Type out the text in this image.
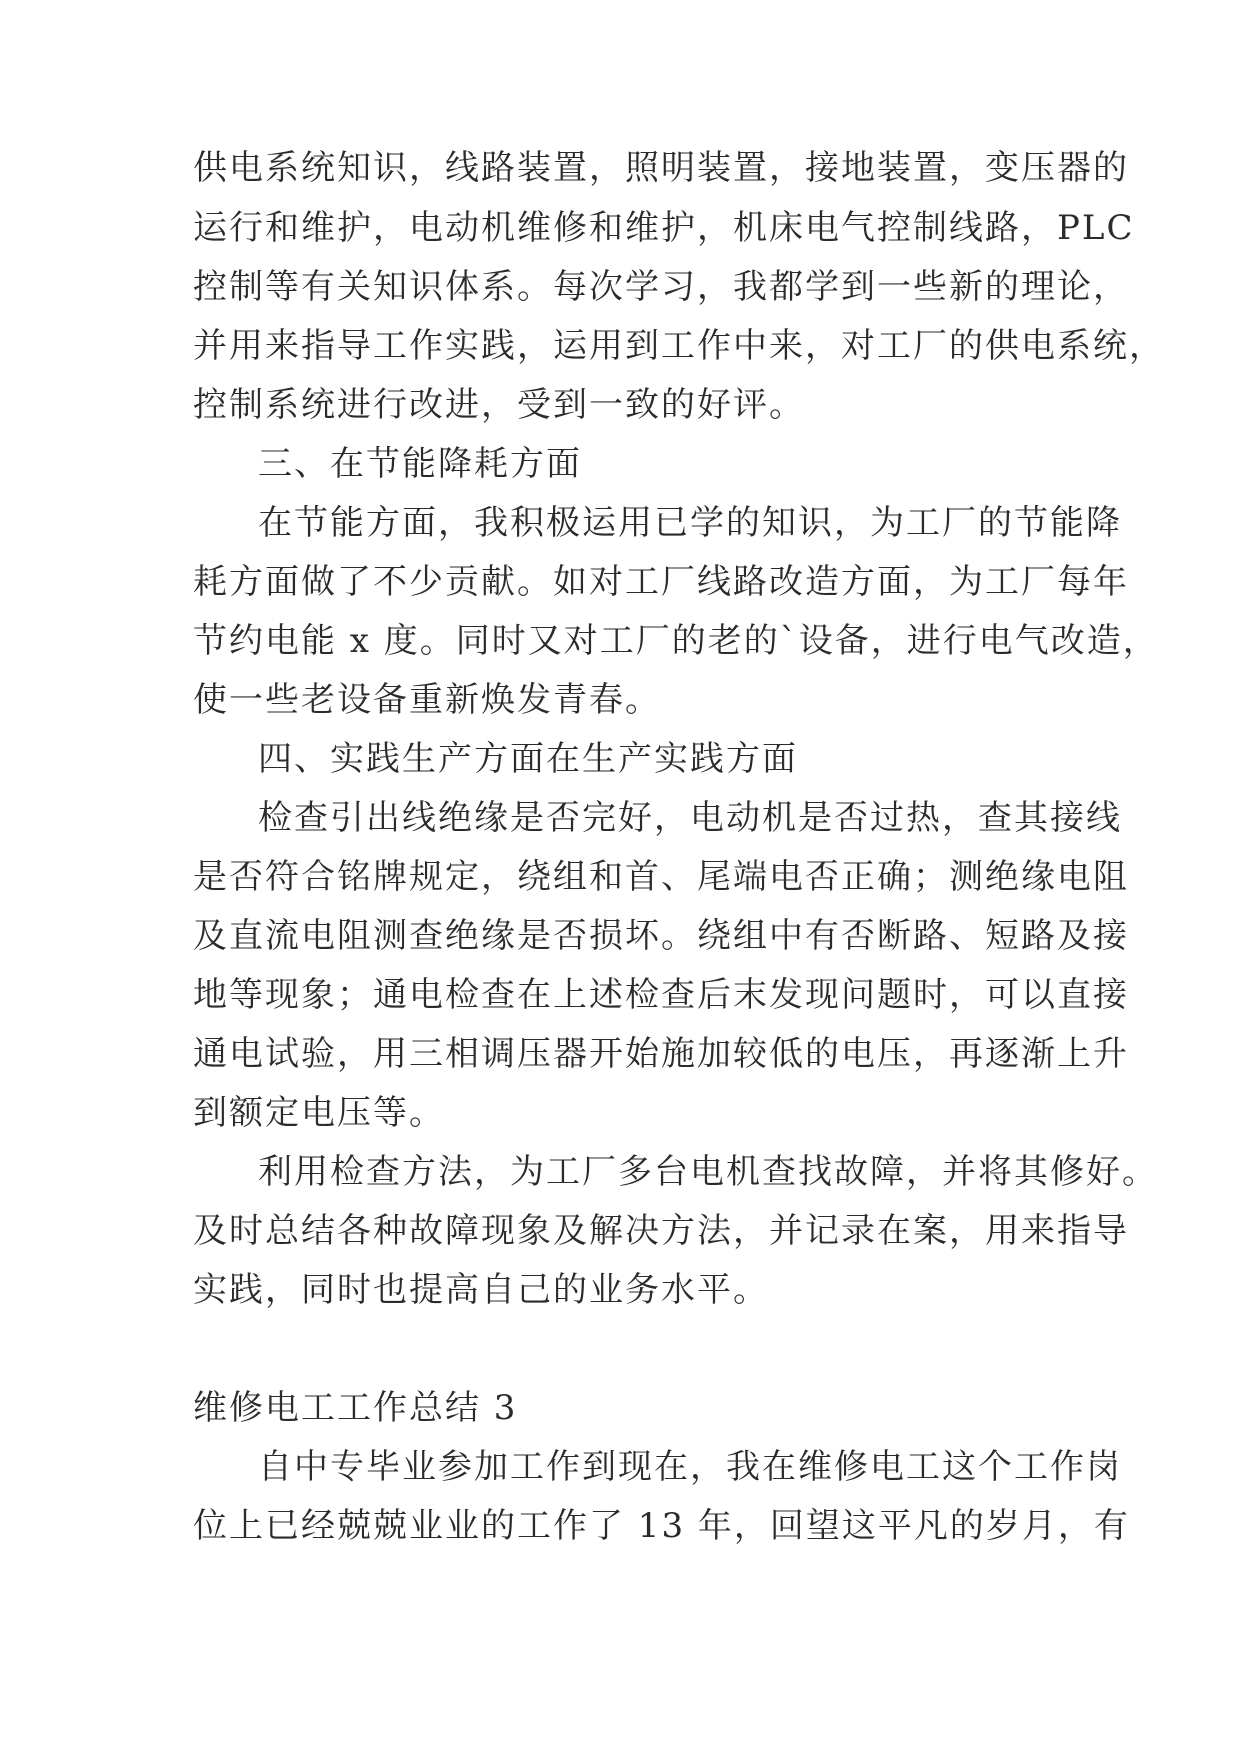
供电系统知识，线路装置，照明装置，接地装置，变压器的

运行和维护，电动机维修和维护，机床电气控制线路，PLC

控制等有关知识体系。每次学习，我都学到一些新的理论，

并用来指导工作实践，运用到工作中来，对工厂的供电系统，

控制系统进行改进，受到一致的好评。

三、在节能降耗方面

在节能方面，我积极运用已学的知识，为工厂的节能降

耗方面做了不少贡献。如对工厂线路改造方面，为工厂每年

节约电能 x 度。同时又对工厂的老的`设备，进行电气改造，

使一些老设备重新焕发青春。

四、实践生产方面在生产实践方面

检查引出线绝缘是否完好，电动机是否过热，查其接线

是否符合铭牌规定，绕组和首、尾端电否正确；测绝缘电阻

及直流电阻测查绝缘是否损坏。绕组中有否断路、短路及接

地等现象；通电检查在上述检查后末发现问题时，可以直接

通电试验，用三相调压器开始施加较低的电压，再逐渐上升

到额定电压等。

利用检查方法，为工厂多台电机查找故障，并将其修好。

及时总结各种故障现象及解决方法，并记录在案，用来指导

实践，同时也提高自己的业务水平。

维修电工工作总结 3

自中专毕业参加工作到现在，我在维修电工这个工作岗

位上已经兢兢业业的工作了 13 年，回望这平凡的岁月，有
